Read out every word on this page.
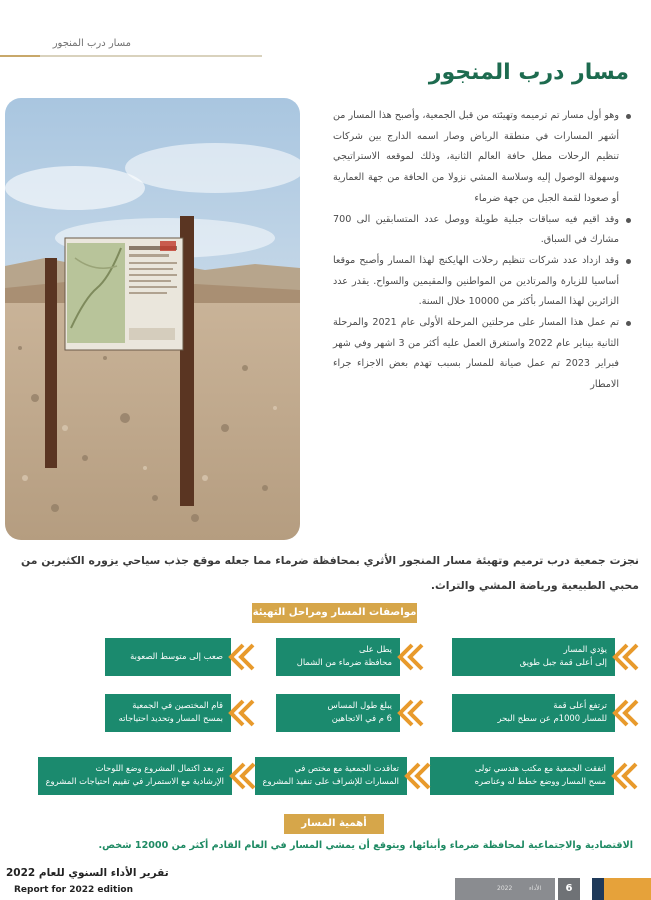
مسار درب المنجور
مسار درب المنجور
وهو أول مسار تم ترميمه وتهيئته من قبل الجمعية، وأصبح هذا المسار من أشهر المسارات في منطقة الرياض وصار اسمه الدارج بين شركات تنظيم الرحلات مطل حافة العالم الثانية، وذلك لموقعه الاستراتيجي وسهولة الوصول إليه وسلاسة المشي نزولا من الحافة من جهة العمارية أو صعودا لقمة الجبل من جهة ضرماء
وقد اقيم فيه سباقات جبلية طويلة ووصل عدد المتسابقين الى 700 مشارك في السباق.
وقد ازداد عدد شركات تنظيم رحلات الهايكنج لهذا المسار وأصبح موقعا أساسيا للزيارة والمرتادين من المواطنين والمقيمين والسواح. يقدر عدد الزائرين لهذا المسار بأكثر من 10000 خلال السنة.
تم عمل هذا المسار على مرحلتين المرحلة الأولى عام 2021 والمرحلة الثانية بيناير عام 2022 واستغرق العمل عليه أكثر من 3 اشهر وفي شهر فبراير 2023 تم عمل صيانة للمسار بسبب تهدم بعض الاجزاء جراء الامطار

نجزت جمعية درب ترميم وتهيئة مسار المنجور الأثري بمحافظة ضرماء مما جعله موقع جذب سياحي يزوره الكثيرين من محبي الطبيعية ورياضة المشي والتراث.

مواصفات المسار ومراحل التهيئة
يؤدي المسار
إلى أعلى قمة جبل طويق
يطل على
محافظة ضرماء من الشمال
صعب إلى متوسط الصعوبة
ترتفع أعلى قمة
للمسار 1000م عن سطح البحر
يبلغ طول المساس
6 م في الاتجاهين
قام المختصين في الجمعية
بمسح المسار وتحديد احتياجاته
اتفقت الجمعية مع مكتب هندسي تولى
مسح المسار ووضع خطط له وعناصره
تعاقدت الجمعية مع مختص في
المسارات للإشراف على تنفيذ المشروع
تم بعد اكتمال المشروع وضع اللوحات
الإرشادية مع الاستمرار في تقييم احتياجات المشروع
أهمية المسار

الاقتصادية والاجتماعية لمحافظة ضرماء وأبنائها، ويتوقع أن يمشي المسار في العام القادم أكثر من 12000 شخص.

تقرير الأداء السنوي للعام 2022
Report for 2022 edition	2022	الأداء	6
